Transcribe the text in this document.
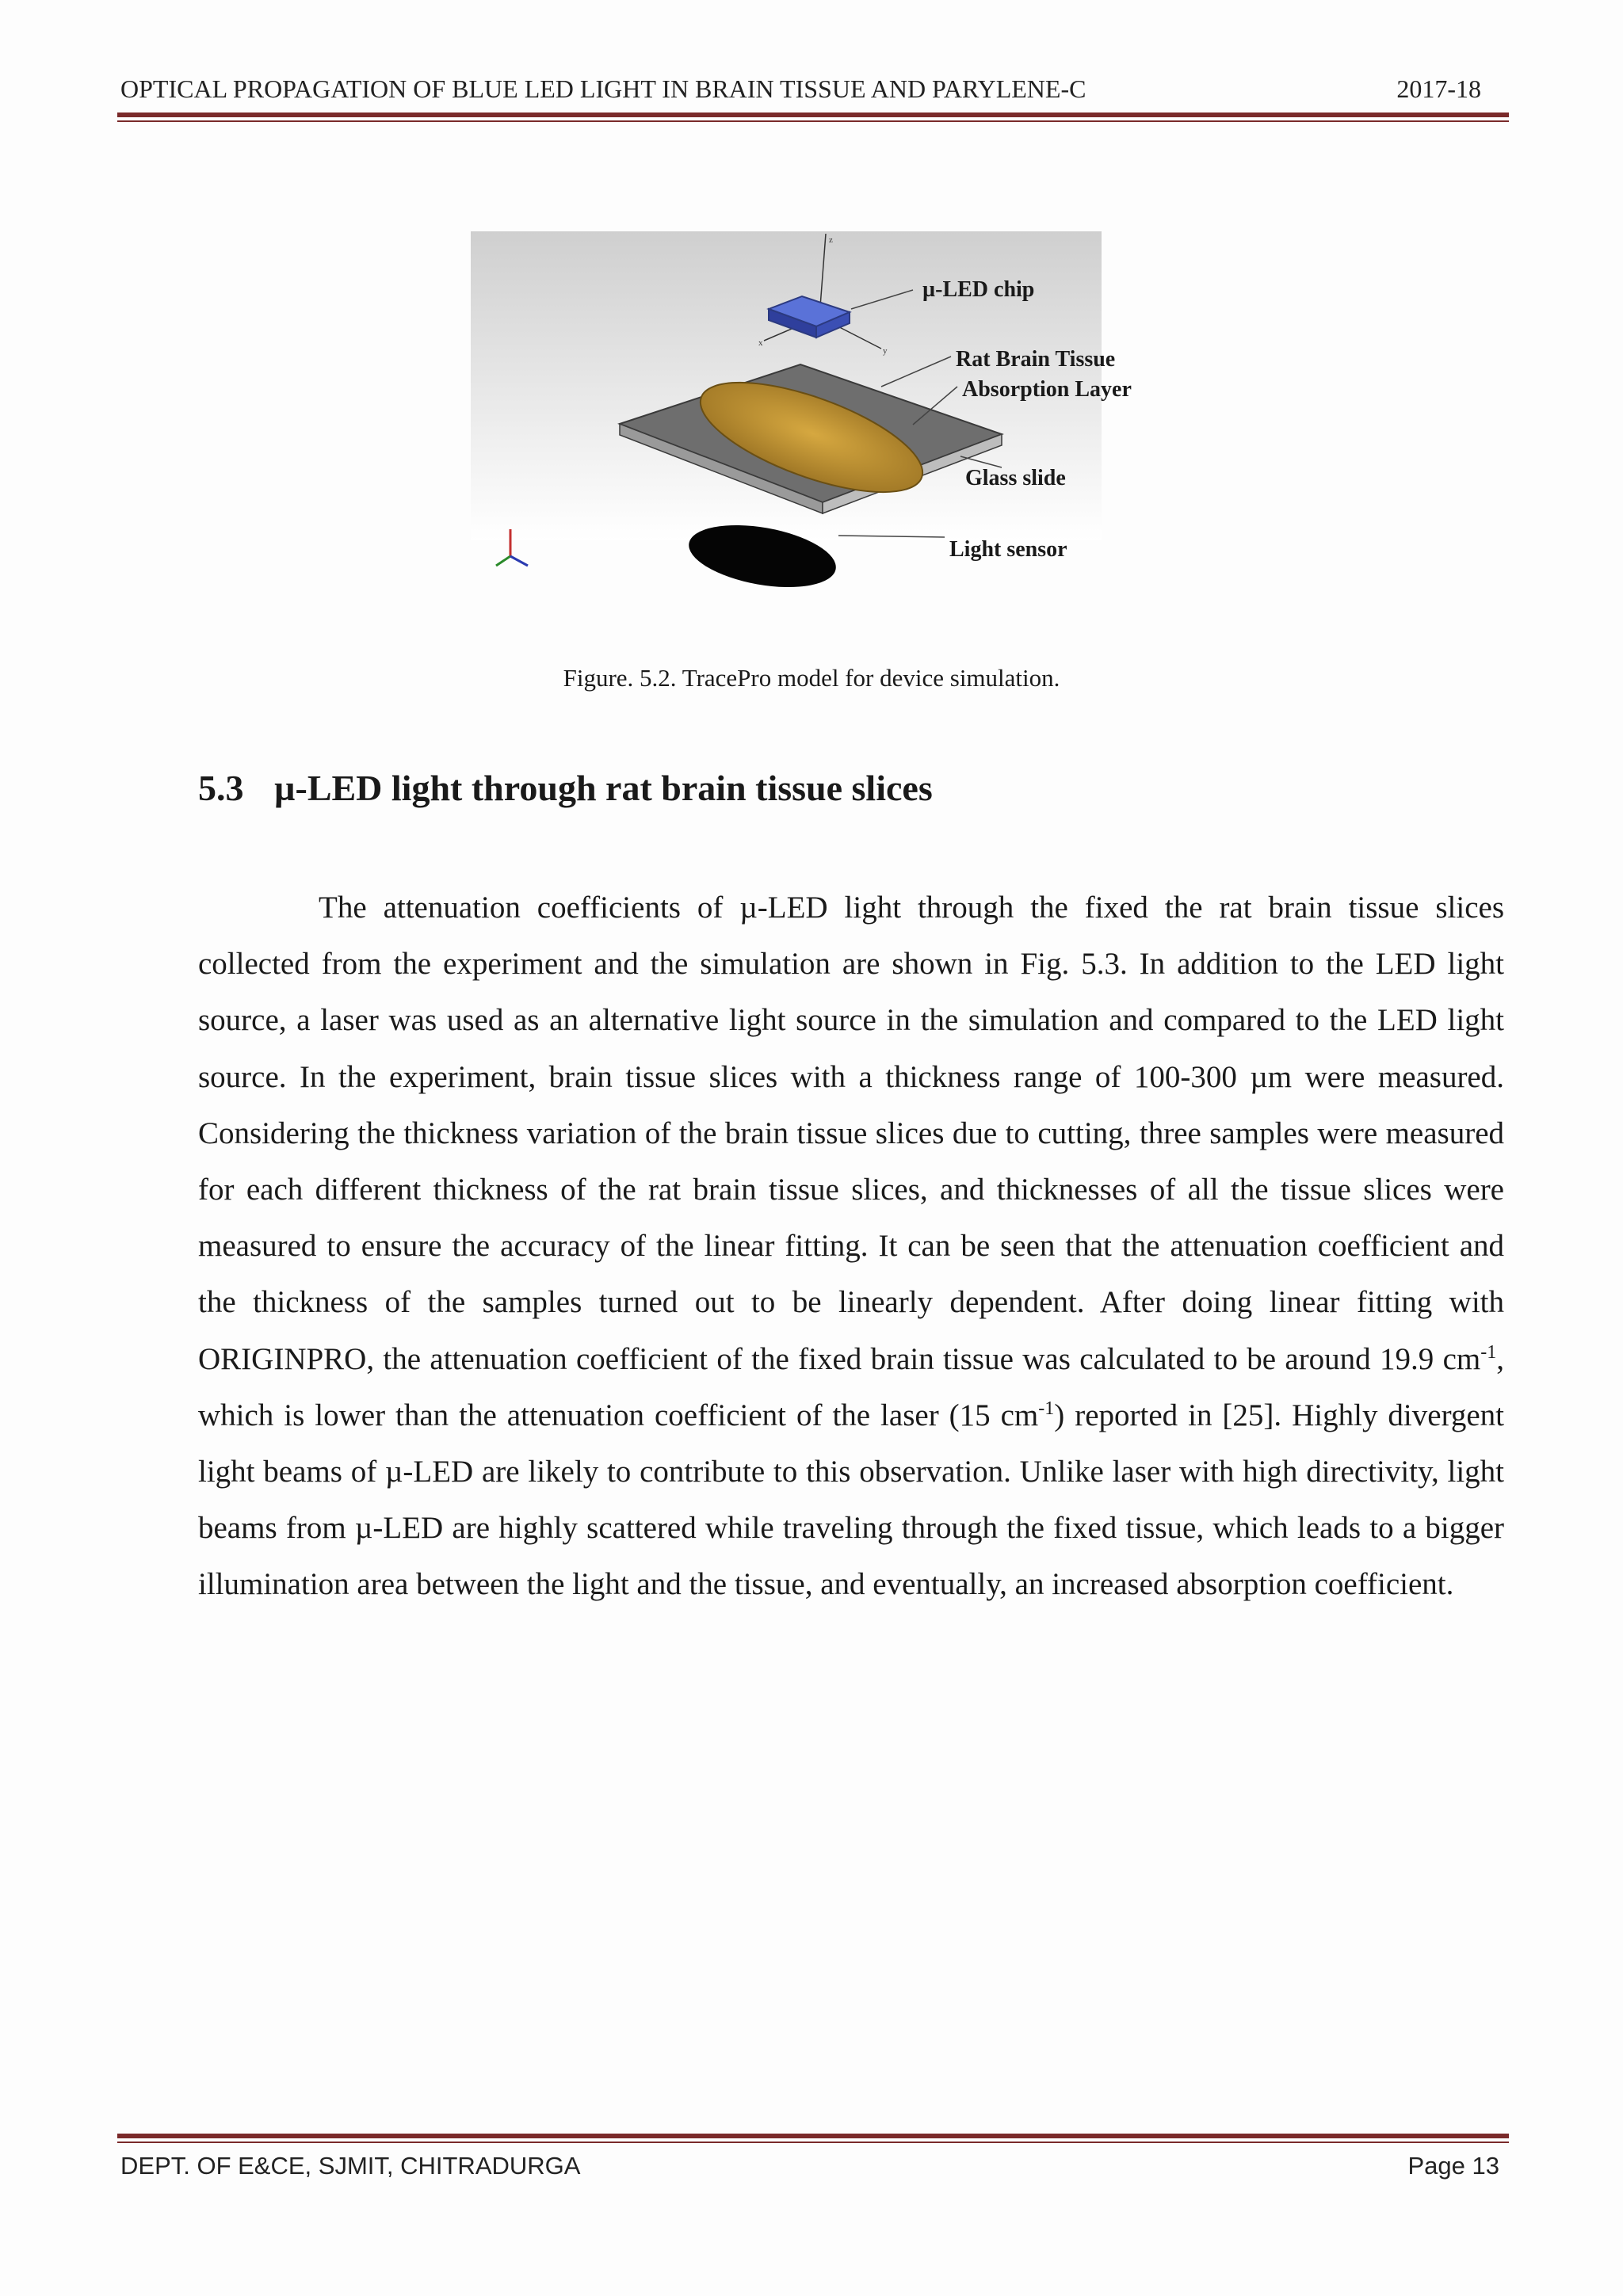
OPTICAL PROPAGATION OF BLUE LED LIGHT IN BRAIN TISSUE AND PARYLENE-C	2017-18
z
x
y
µ-LED chip
Rat Brain Tissue
Absorption Layer
Glass slide
Light sensor
Figure. 5.2. TracePro model for device simulation.
5.3 µ-LED light through rat brain tissue slices
The attenuation coefficients of µ-LED light through the fixed the rat brain tissue slices collected from the experiment and the simulation are shown in Fig. 5.3. In addition to the LED light source, a laser was used as an alternative light source in the simulation and compared to the LED light source. In the experiment, brain tissue slices with a thickness range of 100-300 µm were measured. Considering the thickness variation of the brain tissue slices due to cutting, three samples were measured for each different thickness of the rat brain tissue slices, and thicknesses of all the tissue slices were measured to ensure the accuracy of the linear fitting. It can be seen that the attenuation coefficient and the thickness of the samples turned out to be linearly dependent. After doing linear fitting with ORIGINPRO, the attenuation coefficient of the fixed brain tissue was calculated to be around 19.9 $cm^{-1}$, which is lower than the attenuation coefficient of the laser (15 $cm^{-1}$) reported in [25]. Highly divergent light beams of µ-LED are likely to contribute to this observation. Unlike laser with high directivity, light beams from µ-LED are highly scattered while traveling through the fixed tissue, which leads to a bigger illumination area between the light and the tissue, and eventually, an increased absorption coefficient.
DEPT. OF E&CE, SJMIT, CHITRADURGA	Page 13
